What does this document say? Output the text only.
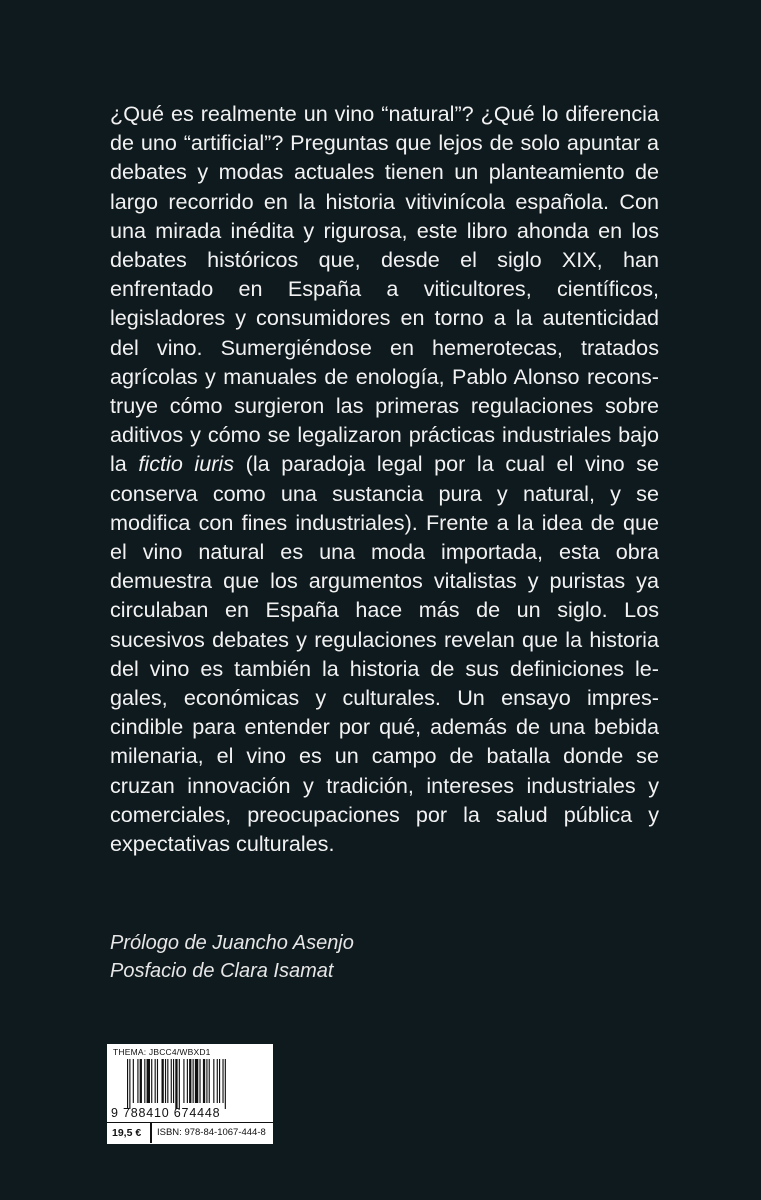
¿Qué es realmente un vino “natural”? ¿Qué lo diferencia de uno “artificial”? Preguntas que lejos de solo apuntar a debates y modas actuales tienen un planteamiento de largo recorrido en la historia vitivinícola española. Con una mirada inédita y rigurosa, este libro ahonda en los debates históricos que, desde el siglo XIX, han enfrentado en España a viticultores, científicos, legisladores y consumidores en torno a la autenticidad del vino. Sumergiéndose en hemerotecas, tratados agrícolas y manuales de enología, Pablo Alonso reconstruye cómo surgieron las primeras regulaciones sobre aditivos y cómo se legalizaron prácticas industriales bajo la fictio iuris (la paradoja legal por la cual el vino se conserva como una sustancia pura y natural, y se modifica con fines industriales). Frente a la idea de que el vino natural es una moda importada, esta obra demuestra que los argumentos vitalistas y puristas ya circulaban en España hace más de un siglo. Los sucesivos debates y regulaciones revelan que la historia del vino es también la historia de sus definiciones legales, económicas y culturales. Un ensayo imprescindible para entender por qué, además de una bebida milenaria, el vino es un campo de batalla donde se cruzan innovación y tradición, intereses industriales y comerciales, preocupaciones por la salud pública y expectativas culturales.

Prólogo de Juancho Asenjo
Posfacio de Clara Isamat
THEMA: JBCC4/WBXD1
9 788410 674448
19,5 € ISBN: 978-84-1067-444-8
